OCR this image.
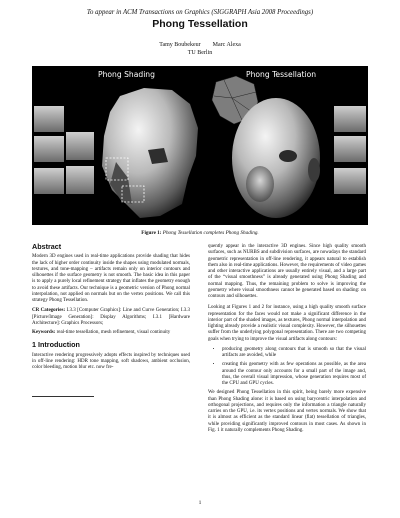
To appear in ACM Transactions on Graphics (SIGGRAPH Asia 2008 Proceedings)
Phong Tessellation
Tamy Boubekeur        Marc Alexa
TU Berlin
Phong Shading	Phong Tessellation
Figure 1: Phong Tessellation completes Phong Shading.
Abstract

Modern 3D engines used in real-time applications provide shading that hides the lack of higher order continuity inside the shapes using modulated normals, textures, and tone-mapping – artifacts remain only on interior contours and silhouettes if the surface geometry is not smooth. The basic idea in this paper is to apply a purely local refinement strategy that inflates the geometry enough to avoid these artifacts. Our technique is a geometric version of Phong normal interpolation, not applied on normals but on the vertex positions. We call this strategy Phong Tessellation.

CR Categories: I.3.3 [Computer Graphics]: Line and Curve Generation; I.3.3 [Picture/Image Generation]: Display Algorithms; I.3.1 [Hardware Architecture]: Graphics Processors;

Keywords: real-time tessellation, mesh refinement, visual continuity

1 Introduction

Interactive rendering progressively adopts effects inspired by techniques used in off-line rendering: HDR tone mapping, soft shadows, ambient occlusion, color bleeding, motion blur etc. now fre-

quently appear in the interactive 3D engines. Since high quality smooth surfaces, such as NURBS and subdivision surfaces, are nowadays the standard geometric representation in off-line rendering, it appears natural to establish them also in real-time applications. However, the requirements of video games and other interactive applications are usually entirely visual, and a large part of the “visual smoothness” is already generated using Phong Shading and normal mapping. Thus, the remaining problem to solve is improving the geometry where visual smoothness cannot be generated based on shading: on contours and silhouettes.

Looking at Figures 1 and 2 for instance, using a high quality smooth surface representation for the faces would not make a significant difference in the interior part of the shaded images, as textures, Phong normal interpolation and lighting already provide a realistic visual complexity. However, the silhouettes suffer from the underlying polygonal representation. There are two competing goals when trying to improve the visual artifacts along contours:

• producing geometry along contours that is smooth so that the visual artifacts are avoided, while
• creating this geometry with as few operations as possible, as the area around the contour only accounts for a small part of the image and, thus, the overall visual impression, whose generation requires most of the CPU and GPU cycles.

We designed Phong Tessellation in this spirit, being barely more expensive than Phong Shading alone: it is based on using barycentric interpolation and orthogonal projections, and requires only the information a triangle naturally carries on the GPU, i.e. its vertex positions and vertex normals. We show that it is almost as efficient as the standard linear (flat) tessellation of triangles, while providing significantly improved contours in most cases. As shown in Fig. 1 it naturally complements Phong Shading.

1
